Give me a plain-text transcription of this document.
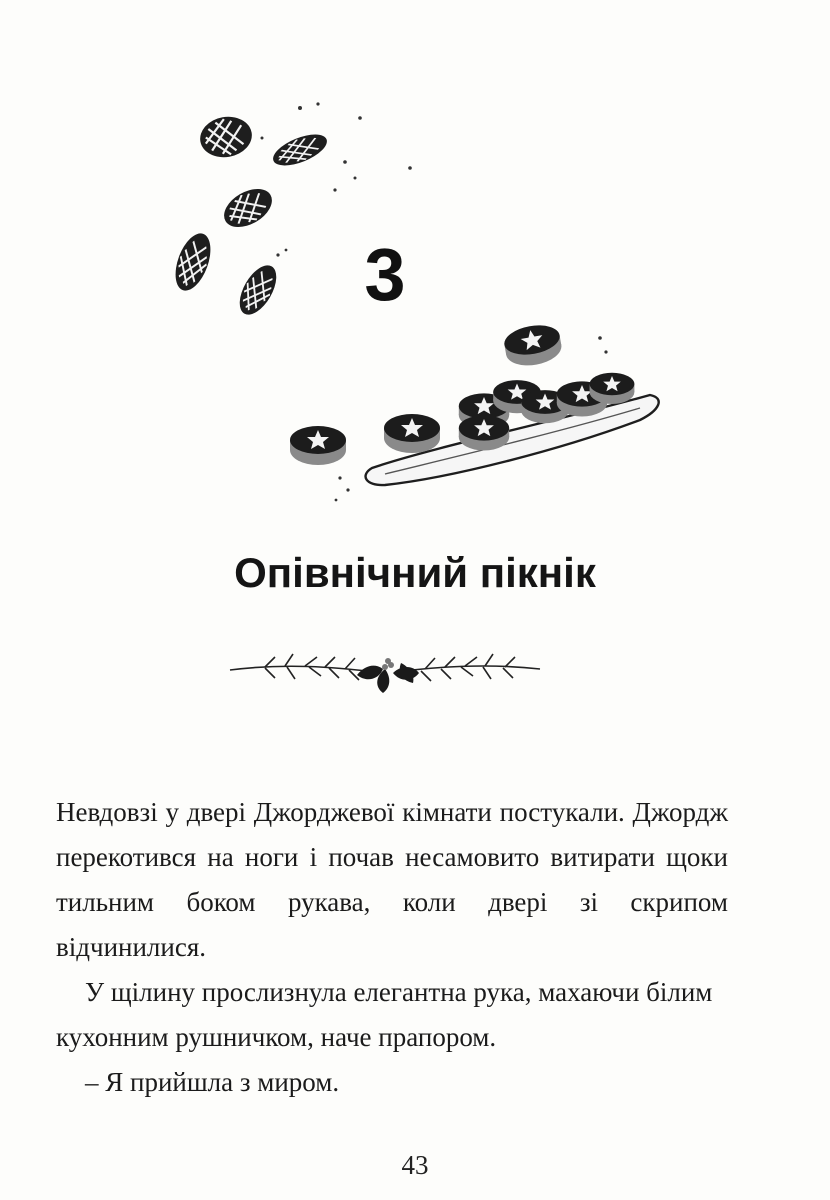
3
Опівнічний пікнік

Невдовзі у двері Джорджевої кімнати постукали. Джордж перекотився на ноги і почав несамовито витирати щоки тильним боком рукава, коли двері зі скрипом відчинилися.

У щілину прослизнула елегантна рука, махаючи білим кухонним рушничком, наче прапором.

– Я прийшла з миром.

43
